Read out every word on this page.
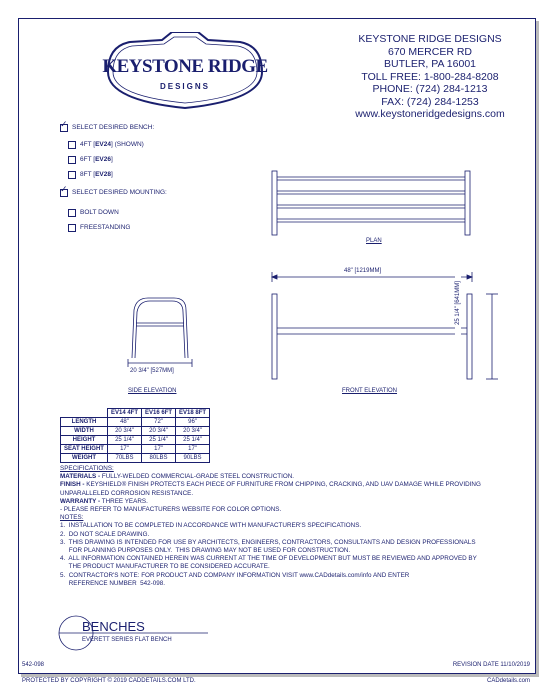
KEYSTONE RIDGE
DESIGNS
KEYSTONE RIDGE DESIGNS
670 MERCER RD
BUTLER, PA 16001
TOLL FREE: 1-800-284-8208
PHONE: (724) 284-1213
FAX: (724) 284-1253
www.keystoneridgedesigns.com
✓
SELECT DESIRED BENCH:
4FT [ EV24 ] (SHOWN)
6FT [ EV26 ]
8FT [ EV28 ]
✓
SELECT DESIRED MOUNTING:
BOLT DOWN
FREESTANDING
PLAN
48" [1219MM]
25 1/4" [641MM]
FRONT ELEVATION
20 3/4" [527MM]
SIDE ELEVATION
	EV14 4FT	EV16 6FT	EV18 8FT
LENGTH	48"	72"	96"
WIDTH	20 3/4"	20 3/4"	20 3/4"
HEIGHT	25 1/4"	25 1/4"	25 1/4"
SEAT HEIGHT	17"	17"	17"
WEIGHT	70LBS	80LBS	90LBS
SPECIFICATIONS:
MATERIALS - FULLY-WELDED COMMERCIAL-GRADE STEEL CONSTRUCTION.
FINISH - KEYSHIELD® FINISH PROTECTS EACH PIECE OF FURNITURE FROM CHIPPING, CRACKING, AND UAV DAMAGE WHILE PROVIDING UNPARALLELED CORROSION RESISTANCE.
WARRANTY - THREE YEARS.
- PLEASE REFER TO MANUFACTURERS WEBSITE FOR COLOR OPTIONS.
NOTES:
1.  INSTALLATION TO BE COMPLETED IN ACCORDANCE WITH MANUFACTURER'S SPECIFICATIONS.
2.  DO NOT SCALE DRAWING.
3.  THIS DRAWING IS INTENDED FOR USE BY ARCHITECTS, ENGINEERS, CONTRACTORS, CONSULTANTS AND DESIGN PROFESSIONALS
FOR PLANNING PURPOSES ONLY.  THIS DRAWING MAY NOT BE USED FOR CONSTRUCTION.
4.  ALL INFORMATION CONTAINED HEREIN WAS CURRENT AT THE TIME OF DEVELOPMENT BUT MUST BE REVIEWED AND APPROVED BY
THE PRODUCT MANUFACTURER TO BE CONSIDERED ACCURATE.
5.  CONTRACTOR'S NOTE: FOR PRODUCT AND COMPANY INFORMATION VISIT www.CADdetails.com/info AND ENTER
REFERENCE NUMBER  542-098.
BENCHES
EVERETT SERIES FLAT BENCH
542-098	REVISION DATE 11/10/2019
PROTECTED BY COPYRIGHT © 2019 CADDETAILS.COM LTD.	CADdetails.com
